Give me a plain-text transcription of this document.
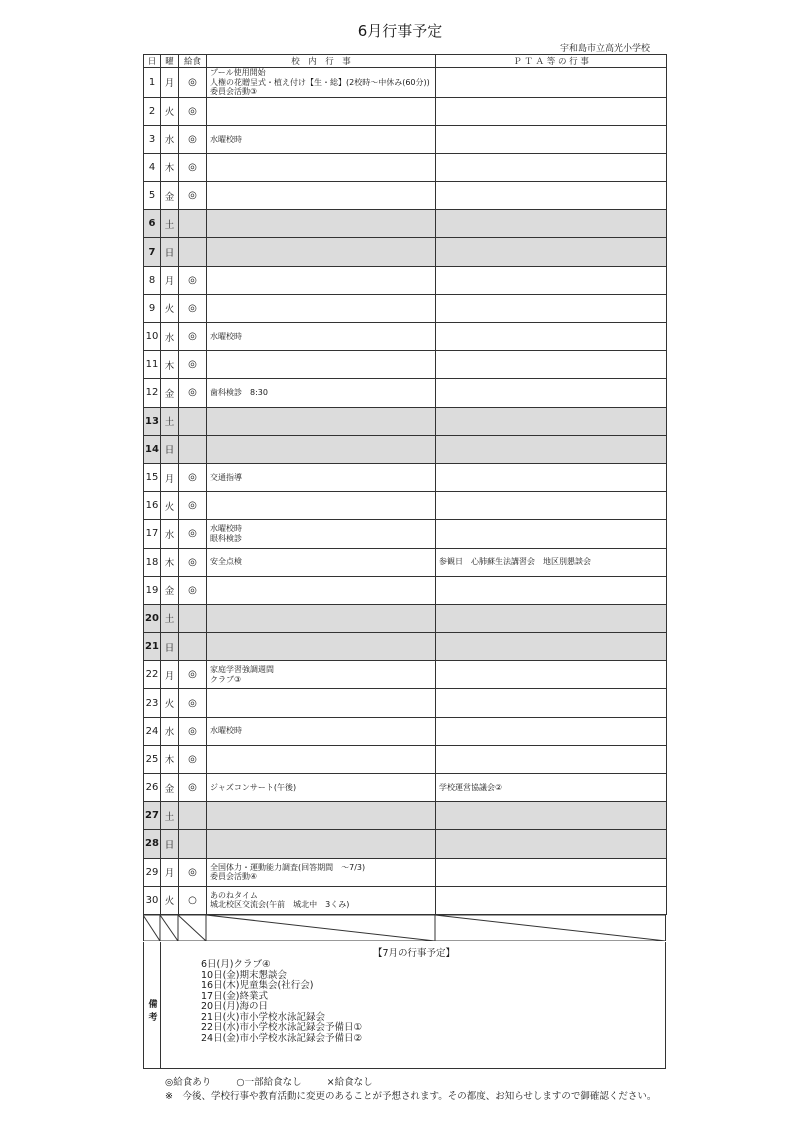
6月行事予定
宇和島市立高光小学校
日	曜	給食	校　内　行　事	Ｐ Ｔ Ａ 等 の 行 事
1	月	◎	プール使用開始
人権の花贈呈式・植え付け【生・総】(2校時～中休み(60分))
委員会活動③	

2	火	◎		
3	水	◎	水曜校時	

4	木	◎		
5	金	◎		
6	土			
7	日			
8	月	◎		
9	火	◎		
10	水	◎	水曜校時	

11	木	◎		
12	金	◎	歯科検診　8:30	

13	土			
14	日			
15	月	◎	交通指導	

16	火	◎		
17	水	◎	水曜校時
眼科検診	

18	木	◎	安全点検	参観日　心肺蘇生法講習会　地区別懇談会

19	金	◎		
20	土			
21	日			
22	月	◎	家庭学習強調週間
クラブ③	

23	火	◎		
24	水	◎	水曜校時	

25	木	◎		
26	金	◎	ジャズコンサート(午後)	学校運営協議会②

27	土			
28	日			
29	月	◎	全国体力・運動能力調査(回答期間　～7/3)
委員会活動④	

30	火	○	あのねタイム
城北校区交流会(午前　城北中　3くみ)	

備考
【7月の行事予定】
6日(月)クラブ④
10日(金)期末懇談会
16日(木)児童集会(社行会)
17日(金)終業式
20日(月)海の日
21日(火)市小学校水泳記録会
22日(水)市小学校水泳記録会予備日①
24日(金)市小学校水泳記録会予備日②
◎給食あり	○一部給食なし	×給食なし
※　今後、学校行事や教育活動に変更のあることが予想されます。その都度、お知らせしますので御確認ください。
